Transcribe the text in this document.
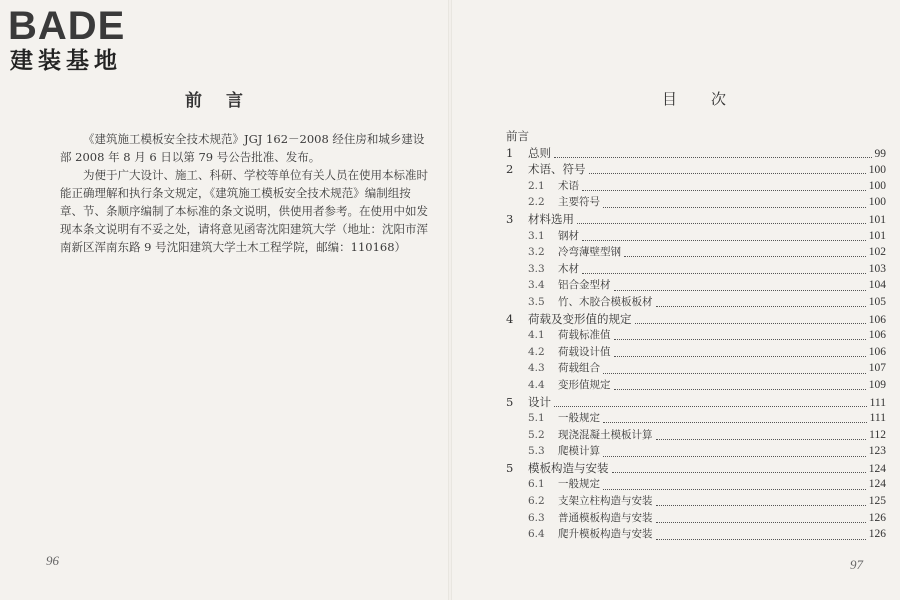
BADE
建装基地
前言

《建筑施工模板安全技术规范》JGJ 162－2008 经住房和城乡建设部 2008 年 8 月 6 日以第 79 号公告批准、发布。

为便于广大设计、施工、科研、学校等单位有关人员在使用本标准时能正确理解和执行条文规定，《建筑施工模板安全技术规范》编制组按章、节、条顺序编制了本标准的条文说明，供使用者参考。在使用中如发现本条文说明有不妥之处，请将意见函寄沈阳建筑大学（地址：沈阳市浑南新区浑南东路 9 号沈阳建筑大学土木工程学院，邮编：110168）

96
目次
前言
1	总则	99
2	术语、符号	100
2.1	术语	100
2.2	主要符号	100
3	材料选用	101
3.1	钢材	101
3.2	冷弯薄壁型钢	102
3.3	木材	103
3.4	铝合金型材	104
3.5	竹、木胶合模板板材	105
4	荷载及变形值的规定	106
4.1	荷载标准值	106
4.2	荷载设计值	106
4.3	荷载组合	107
4.4	变形值规定	109
5	设计	111
5.1	一般规定	111
5.2	现浇混凝土模板计算	112
5.3	爬模计算	123
5	模板构造与安装	124
6.1	一般规定	124
6.2	支架立柱构造与安装	125
6.3	普通模板构造与安装	126
6.4	爬升模板构造与安装	126
97
